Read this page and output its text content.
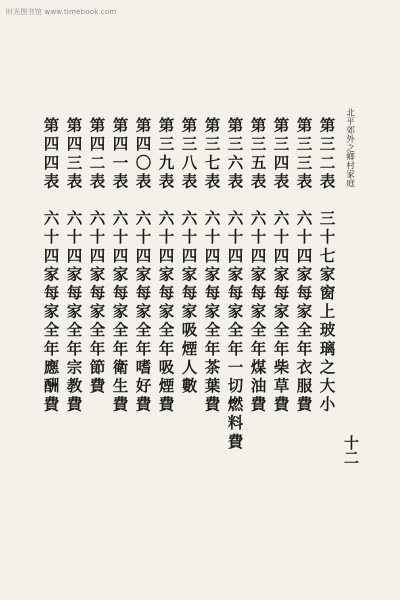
时光图书馆 www.timebook.com
北平郊外之鄉村家庭
第三二表　三十七家窗上玻璃之大小
第三三表　六十四家每家全年衣服費
第三四表　六十四家每家全年柴草費
第三五表　六十四家每家全年煤油費
第三六表　六十四家每家全年一切燃料費
第三七表　六十四家每家全年茶葉費
第三八表　六十四家每家吸煙人數
第三九表　六十四家每家全年吸煙費
第四〇表　六十四家每家全年嗜好費
第四一表　六十四家每家全年衛生費
第四二表　六十四家每家全年節費
第四三表　六十四家每家全年宗教費
第四四表　六十四家每家全年應酬費
十二
